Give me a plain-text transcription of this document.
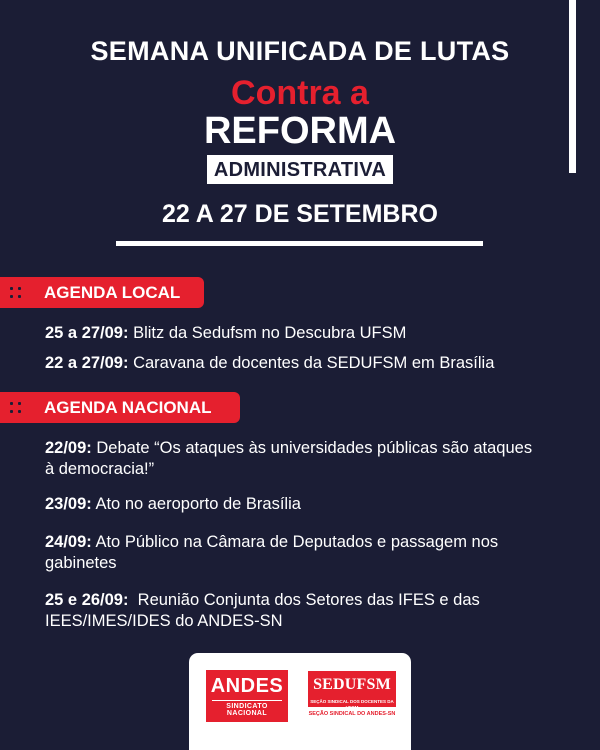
SEMANA UNIFICADA DE LUTAS
Contra a
REFORMA
ADMINISTRATIVA
22 A 27 DE SETEMBRO
AGENDA LOCAL
25 a 27/09: Blitz da Sedufsm no Descubra UFSM
22 a 27/09: Caravana de docentes da SEDUFSM em Brasília
AGENDA NACIONAL
22/09: Debate “Os ataques às universidades públicas são ataques à democracia!”
23/09: Ato no aeroporto de Brasília
24/09: Ato Público na Câmara de Deputados e passagem nos gabinetes
25 e 26/09:  Reunião Conjunta dos Setores das IFES e das IEES/IMES/IDES do ANDES-SN
ANDES
SINDICATO NACIONAL
SEDUFSM
SEÇÃO SINDICAL DOS DOCENTES DA UFSM
SEÇÃO SINDICAL DO ANDES-SN
